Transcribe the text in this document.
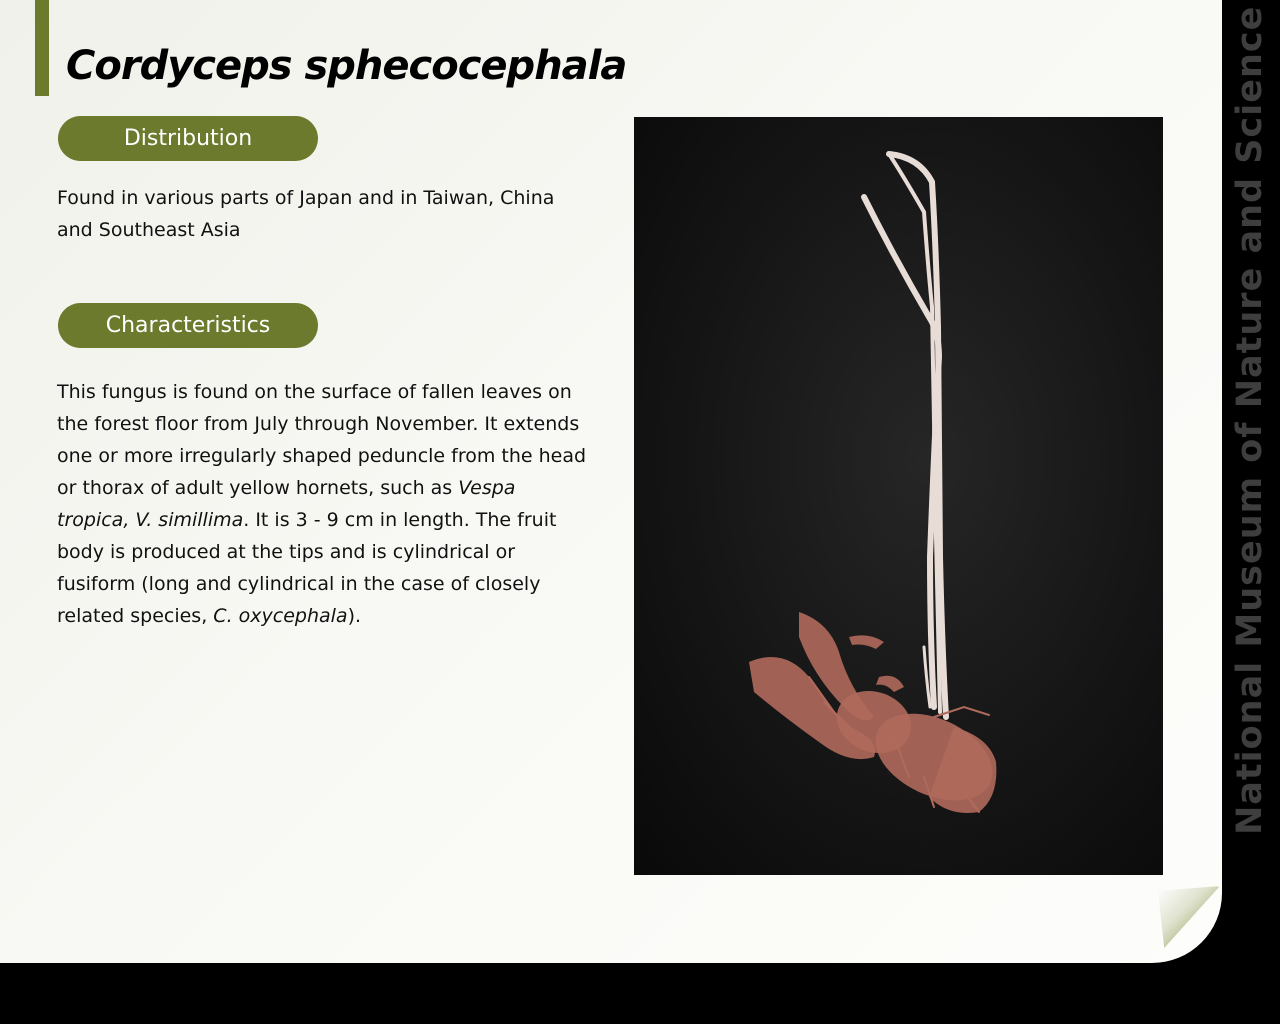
Cordyceps sphecocephala
Distribution

Found in various parts of Japan and in Taiwan, China and Southeast Asia

Characteristics

This fungus is found on the surface of fallen leaves on the forest floor from July through November. It extends one or more irregularly shaped peduncle from the head or thorax of adult yellow hornets, such as Vespa tropica, V. simillima. It is 3 - 9 cm in length. The fruit body is produced at the tips and is cylindrical or fusiform (long and cylindrical in the case of closely related species, C. oxycephala).	National Museum of Nature and Science
